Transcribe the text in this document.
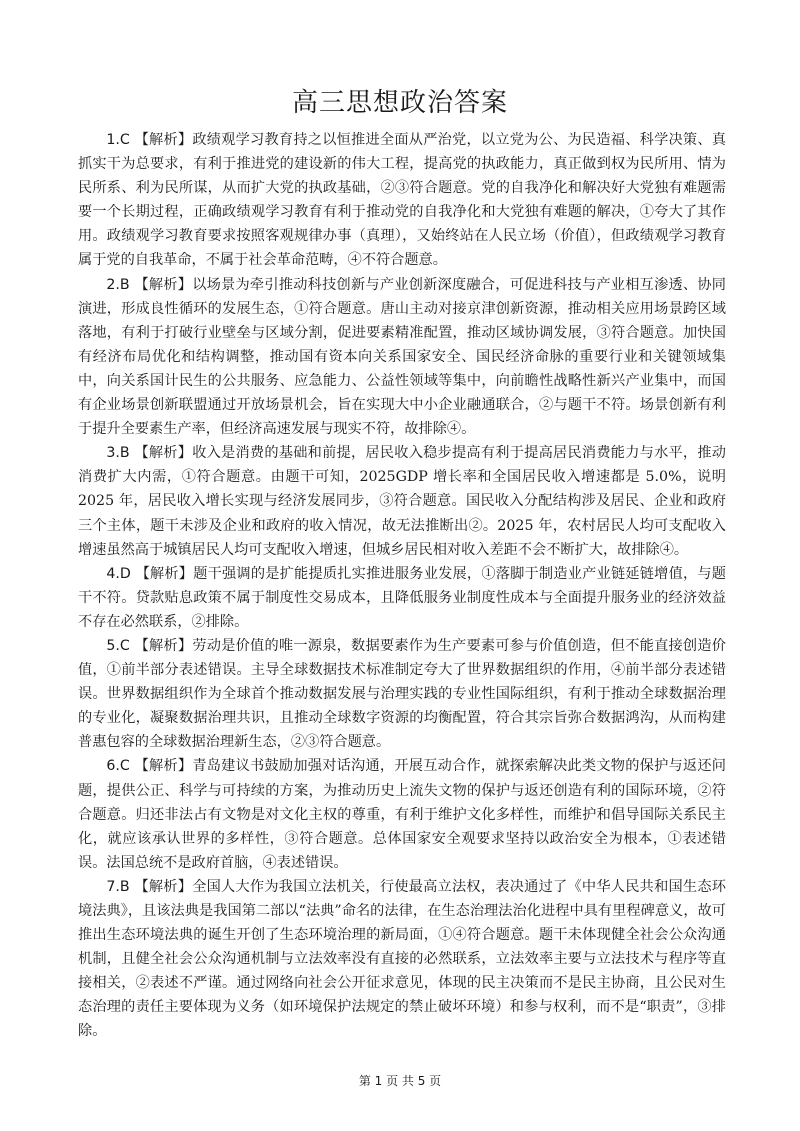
高三思想政治答案

1.C 【解析】政绩观学习教育持之以恒推进全面从严治党，以立党为公、为民造福、科学决策、真抓实干为总要求，有利于推进党的建设新的伟大工程，提高党的执政能力，真正做到权为民所用、情为民所系、利为民所谋，从而扩大党的执政基础，②③符合题意。党的自我净化和解决好大党独有难题需要一个长期过程，正确政绩观学习教育有利于推动党的自我净化和大党独有难题的解决，①夸大了其作用。政绩观学习教育要求按照客观规律办事（真理），又始终站在人民立场（价值），但政绩观学习教育属于党的自我革命，不属于社会革命范畴，④不符合题意。

2.B 【解析】以场景为牵引推动科技创新与产业创新深度融合，可促进科技与产业相互渗透、协同演进，形成良性循环的发展生态，①符合题意。唐山主动对接京津创新资源，推动相关应用场景跨区域落地，有利于打破行业壁垒与区域分割，促进要素精准配置，推动区域协调发展，③符合题意。加快国有经济布局优化和结构调整，推动国有资本向关系国家安全、国民经济命脉的重要行业和关键领域集中，向关系国计民生的公共服务、应急能力、公益性领域等集中，向前瞻性战略性新兴产业集中，而国有企业场景创新联盟通过开放场景机会，旨在实现大中小企业融通联合，②与题干不符。场景创新有利于提升全要素生产率，但经济高速发展与现实不符，故排除④。

3.B 【解析】收入是消费的基础和前提，居民收入稳步提高有利于提高居民消费能力与水平，推动消费扩大内需，①符合题意。由题干可知，2025GDP 增长率和全国居民收入增速都是 5.0%，说明 2025 年，居民收入增长实现与经济发展同步，③符合题意。国民收入分配结构涉及居民、企业和政府三个主体，题干未涉及企业和政府的收入情况，故无法推断出②。2025 年，农村居民人均可支配收入增速虽然高于城镇居民人均可支配收入增速，但城乡居民相对收入差距不会不断扩大，故排除④。

4.D 【解析】题干强调的是扩能提质扎实推进服务业发展，①落脚于制造业产业链延链增值，与题干不符。贷款贴息政策不属于制度性交易成本，且降低服务业制度性成本与全面提升服务业的经济效益不存在必然联系，②排除。

5.C 【解析】劳动是价值的唯一源泉，数据要素作为生产要素可参与价值创造，但不能直接创造价值，①前半部分表述错误。主导全球数据技术标准制定夸大了世界数据组织的作用，④前半部分表述错误。世界数据组织作为全球首个推动数据发展与治理实践的专业性国际组织，有利于推动全球数据治理的专业化，凝聚数据治理共识，且推动全球数字资源的均衡配置，符合其宗旨弥合数据鸿沟，从而构建普惠包容的全球数据治理新生态，②③符合题意。

6.C 【解析】青岛建议书鼓励加强对话沟通，开展互动合作，就探索解决此类文物的保护与返还问题，提供公正、科学与可持续的方案，为推动历史上流失文物的保护与返还创造有利的国际环境，②符合题意。归还非法占有文物是对文化主权的尊重，有利于维护文化多样性，而维护和倡导国际关系民主化，就应该承认世界的多样性，③符合题意。总体国家安全观要求坚持以政治安全为根本，①表述错误。法国总统不是政府首脑，④表述错误。

7.B 【解析】全国人大作为我国立法机关，行使最高立法权，表决通过了《中华人民共和国生态环境法典》，且该法典是我国第二部以“法典”命名的法律，在生态治理法治化进程中具有里程碑意义，故可推出生态环境法典的诞生开创了生态环境治理的新局面，①④符合题意。题干未体现健全社会公众沟通机制，且健全社会公众沟通机制与立法效率没有直接的必然联系，立法效率主要与立法技术与程序等直接相关，②表述不严谨。通过网络向社会公开征求意见，体现的民主决策而不是民主协商，且公民对生态治理的责任主要体现为义务（如环境保护法规定的禁止破坏环境）和参与权利，而不是“职责”，③排除。

第 1 页 共 5 页
